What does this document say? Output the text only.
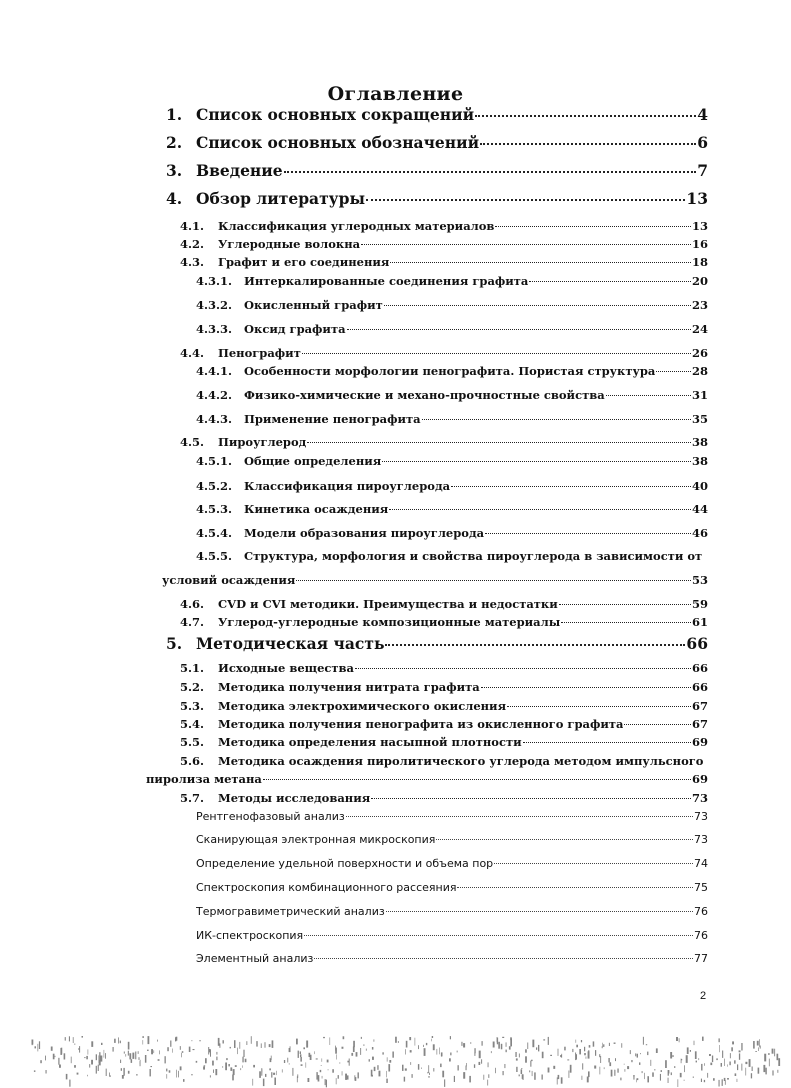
Оглавление
1. Список основных сокращений	4
2. Список основных обозначений	6
3. Введение	7
4. Обзор литературы	13
4.1.	Классификация углеродных материалов	13
4.2.	Углеродные волокна	16
4.3.	Графит и его соединения	18
4.3.1.	Интеркалированные соединения графита	20
4.3.2.	Окисленный графит	23
4.3.3.	Оксид графита	24
4.4.	Пенографит	26
4.4.1.	Особенности морфологии пенографита. Пористая структура	28
4.4.2.	Физико-химические и механо-прочностные свойства	31
4.4.3.	Применение пенографита	35
4.5.	Пироуглерод	38
4.5.1.	Общие определения	38
4.5.2.	Классификация пироуглерода	40
4.5.3.	Кинетика осаждения	44
4.5.4.	Модели образования пироуглерода	46
4.5.5.	Структура, морфология и свойства пироуглерода в зависимости от
условий осаждения	53
4.6.	CVD и CVI методики. Преимущества и недостатки	59
4.7.	Углерод-углеродные композиционные материалы	61
5. Методическая часть	66
5.1.	Исходные вещества	66
5.2.	Методика получения нитрата графита	66
5.3.	Методика электрохимического окисления	67
5.4.	Методика получения пенографита из окисленного графита	67
5.5.	Методика определения насыпной плотности	69
5.6.	Методика осаждения пиролитического углерода методом импульсного
пиролиза метана	69
5.7.	Методы исследования	73
Рентгенофазовый анализ	73
Сканирующая электронная микроскопия	73
Определение удельной поверхности и объема пор	74
Спектроскопия комбинационного рассеяния	75
Термогравиметрический анализ	76
ИК-спектроскопия	76
Элементный анализ	77
2
